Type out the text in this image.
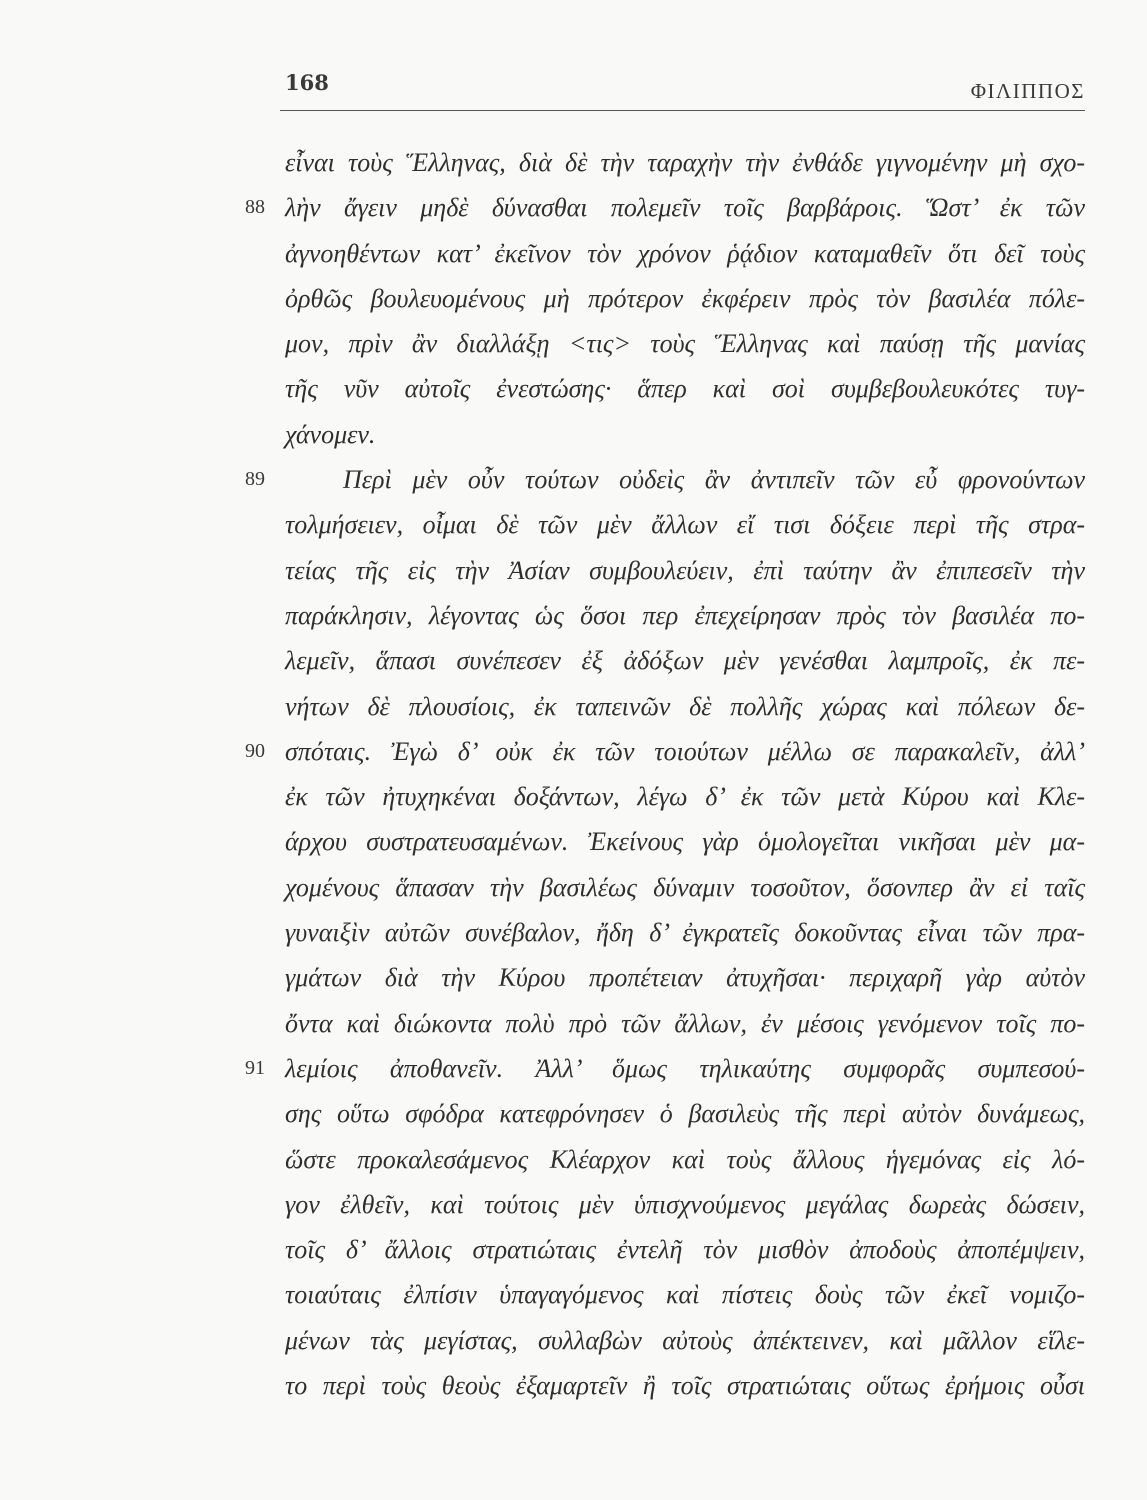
168	ΦΙΛΙΠΠΟΣ
εἶναι τοὺς Ἕλληνας, διὰ δὲ τὴν ταραχὴν τὴν ἐνθάδε γιγνομένην μὴ σχο-
88 λὴν ἄγειν μηδὲ δύνασθαι πολεμεῖν τοῖς βαρβάροις. Ὥστ’ ἐκ τῶν
ἀγνοηθέντων κατ’ ἐκεῖνον τὸν χρόνον ῥᾴδιον καταμαθεῖν ὅτι δεῖ τοὺς
ὀρθῶς βουλευομένους μὴ πρότερον ἐκφέρειν πρὸς τὸν βασιλέα πόλε-
μον, πρὶν ἂν διαλλάξῃ <τις> τοὺς Ἕλληνας καὶ παύσῃ τῆς μανίας
τῆς νῦν αὐτοῖς ἐνεστώσης· ἅπερ καὶ σοὶ συμβεβουλευκότες τυγ-
χάνομεν.
89	Περὶ μὲν οὖν τούτων οὐδεὶς ἂν ἀντιπεῖν τῶν εὖ φρονούντων
τολμήσειεν, οἶμαι δὲ τῶν μὲν ἄλλων εἴ τισι δόξειε περὶ τῆς στρα-
τείας τῆς εἰς τὴν Ἀσίαν συμβουλεύειν, ἐπὶ ταύτην ἂν ἐπιπεσεῖν τὴν
παράκλησιν, λέγοντας ὡς ὅσοι περ ἐπεχείρησαν πρὸς τὸν βασιλέα πο-
λεμεῖν, ἅπασι συνέπεσεν ἐξ ἀδόξων μὲν γενέσθαι λαμπροῖς, ἐκ πε-
νήτων δὲ πλουσίοις, ἐκ ταπεινῶν δὲ πολλῆς χώρας καὶ πόλεων δε-
90 σπόταις. Ἐγὼ δ’ οὐκ ἐκ τῶν τοιούτων μέλλω σε παρακαλεῖν, ἀλλ’
ἐκ τῶν ἠτυχηκέναι δοξάντων, λέγω δ’ ἐκ τῶν μετὰ Κύρου καὶ Κλε-
άρχου συστρατευσαμένων. Ἐκείνους γὰρ ὁμολογεῖται νικῆσαι μὲν μα-
χομένους ἅπασαν τὴν βασιλέως δύναμιν τοσοῦτον, ὅσονπερ ἂν εἰ ταῖς
γυναιξὶν αὐτῶν συνέβαλον, ἤδη δ’ ἐγκρατεῖς δοκοῦντας εἶναι τῶν πρα-
γμάτων διὰ τὴν Κύρου προπέτειαν ἀτυχῆσαι· περιχαρῆ γὰρ αὐτὸν
ὄντα καὶ διώκοντα πολὺ πρὸ τῶν ἄλλων, ἐν μέσοις γενόμενον τοῖς πο-
91 λεμίοις ἀποθανεῖν. Ἀλλ’ ὅμως τηλικαύτης συμφορᾶς συμπεσού-
σης οὕτω σφόδρα κατεφρόνησεν ὁ βασιλεὺς τῆς περὶ αὐτὸν δυνάμεως,
ὥστε προκαλεσάμενος Κλέαρχον καὶ τοὺς ἄλλους ἡγεμόνας εἰς λό-
γον ἐλθεῖν, καὶ τούτοις μὲν ὑπισχνούμενος μεγάλας δωρεὰς δώσειν,
τοῖς δ’ ἄλλοις στρατιώταις ἐντελῆ τὸν μισθὸν ἀποδοὺς ἀποπέμψειν,
τοιαύταις ἐλπίσιν ὑπαγαγόμενος καὶ πίστεις δοὺς τῶν ἐκεῖ νομιζο-
μένων τὰς μεγίστας, συλλαβὼν αὐτοὺς ἀπέκτεινεν, καὶ μᾶλλον εἵλε-
το περὶ τοὺς θεοὺς ἐξαμαρτεῖν ἢ τοῖς στρατιώταις οὕτως ἐρήμοις οὖσι
